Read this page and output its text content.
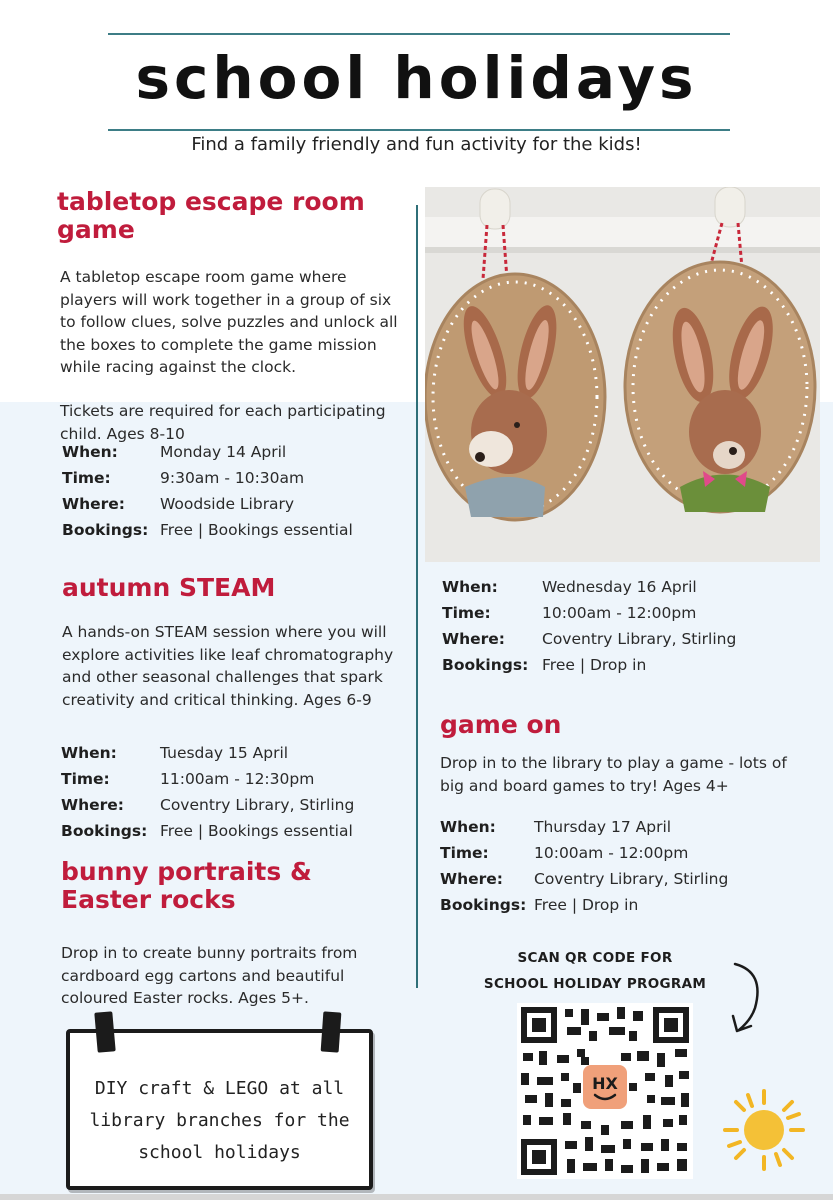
school holidays

Find a family friendly and fun activity for the kids!

tabletop escape room game

A tabletop escape room game where players will work together in a group of six to follow clues, solve puzzles and unlock all the boxes to complete the game mission while racing against the clock.

Tickets are required for each participating child. Ages 8-10

When:	Monday 14 April
Time:	9:30am - 10:30am
Where: Woodside Library
Bookings: Free | Bookings essential
autumn STEAM

A hands-on STEAM session where you will explore activities like leaf chromatography and other seasonal challenges that spark creativity and critical thinking. Ages 6-9

When:	Tuesday 15 April
Time:	11:00am - 12:30pm
Where: Coventry Library, Stirling
Bookings: Free | Bookings essential
bunny portraits & Easter rocks

Drop in to create bunny portraits from cardboard egg cartons and beautiful coloured Easter rocks. Ages 5+.

When:	Wednesday 16 April
Time:	10:00am - 12:00pm
Where: Coventry Library, Stirling
Bookings: Free | Drop in
game on

Drop in to the library to play a game - lots of big and board games to try! Ages 4+

When: Thursday 17 April
Time:	10:00am - 12:00pm
Where: Coventry Library, Stirling
Bookings: Free | Drop in

SCAN QR CODE FOR

SCHOOL HOLIDAY PROGRAM

HX

DIY craft & LEGO at all
library branches for the
school holidays
